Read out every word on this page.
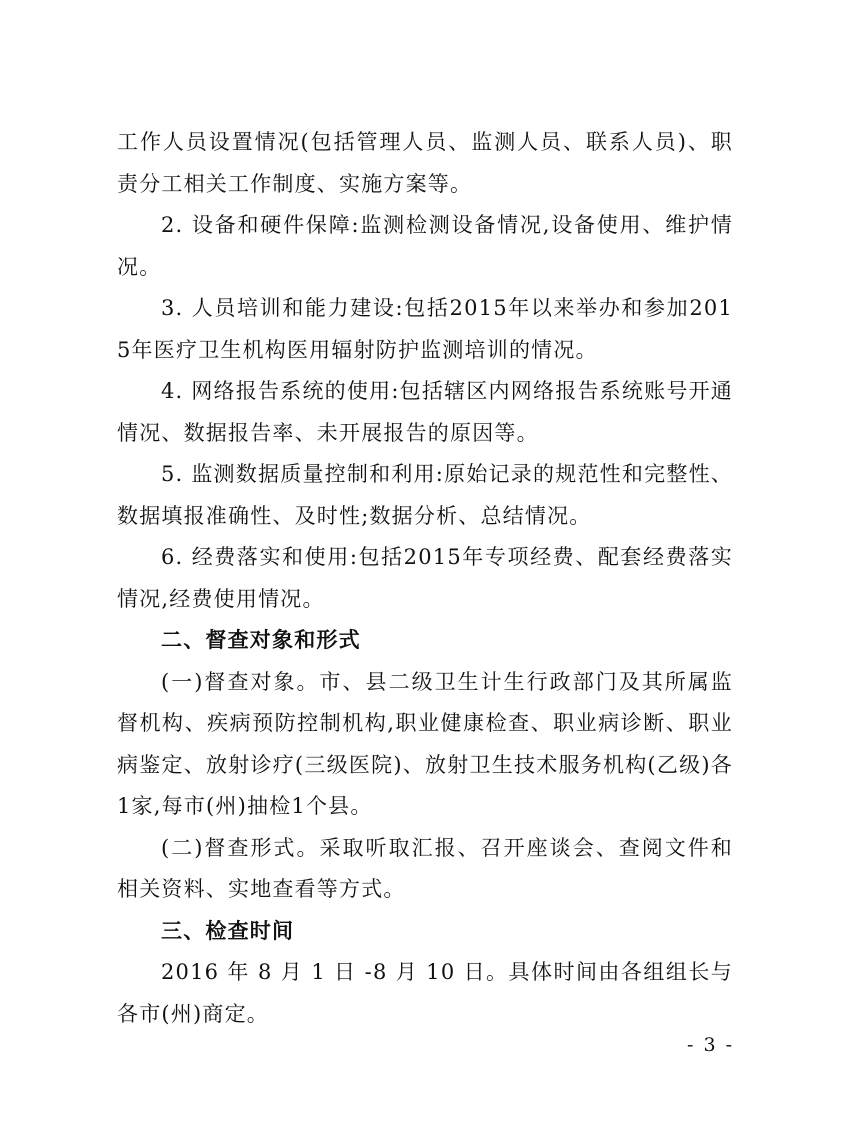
工作人员设置情况(包括管理人员、监测人员、联系人员)、职责分工相关工作制度、实施方案等。

2. 设备和硬件保障:监测检测设备情况,设备使用、维护情况。

3. 人员培训和能力建设:包括2015年以来举办和参加2015年医疗卫生机构医用辐射防护监测培训的情况。

4. 网络报告系统的使用:包括辖区内网络报告系统账号开通情况、数据报告率、未开展报告的原因等。

5. 监测数据质量控制和利用:原始记录的规范性和完整性、数据填报准确性、及时性;数据分析、总结情况。

6. 经费落实和使用:包括2015年专项经费、配套经费落实情况,经费使用情况。

二、督查对象和形式

(一)督查对象。市、县二级卫生计生行政部门及其所属监督机构、疾病预防控制机构,职业健康检查、职业病诊断、职业病鉴定、放射诊疗(三级医院)、放射卫生技术服务机构(乙级)各1家,每市(州)抽检1个县。

(二)督查形式。采取听取汇报、召开座谈会、查阅文件和相关资料、实地查看等方式。

三、检查时间

2016 年 8 月 1 日 -8 月 10 日。具体时间由各组组长与各市(州)商定。

- 3 -
